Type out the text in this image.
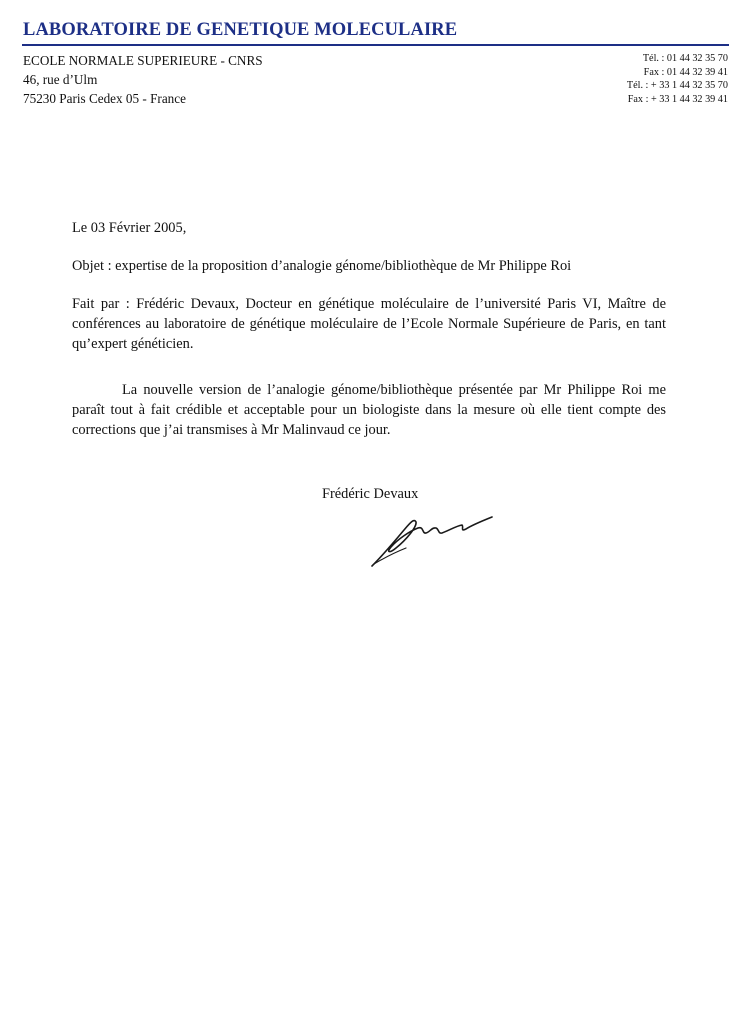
LABORATOIRE DE GENETIQUE MOLECULAIRE
ECOLE NORMALE SUPERIEURE - CNRS
46, rue d’Ulm
75230 Paris Cedex 05 - France
Tél. : 01 44 32 35 70
Fax : 01 44 32 39 41
Tél. : + 33 1 44 32 35 70
Fax : + 33 1 44 32 39 41
Le 03 Février 2005,
Objet : expertise de la proposition d’analogie génome/bibliothèque de Mr Philippe Roi
Fait par : Frédéric Devaux, Docteur en génétique moléculaire de l’université Paris VI, Maître de conférences au laboratoire de génétique moléculaire de l’Ecole Normale Supérieure de Paris, en tant qu’expert généticien.
La nouvelle version de l’analogie génome/bibliothèque présentée par Mr Philippe Roi me paraît tout à fait crédible et acceptable pour un biologiste dans la mesure où elle tient compte des corrections que j’ai transmises à Mr Malinvaud ce jour.
Frédéric Devaux
